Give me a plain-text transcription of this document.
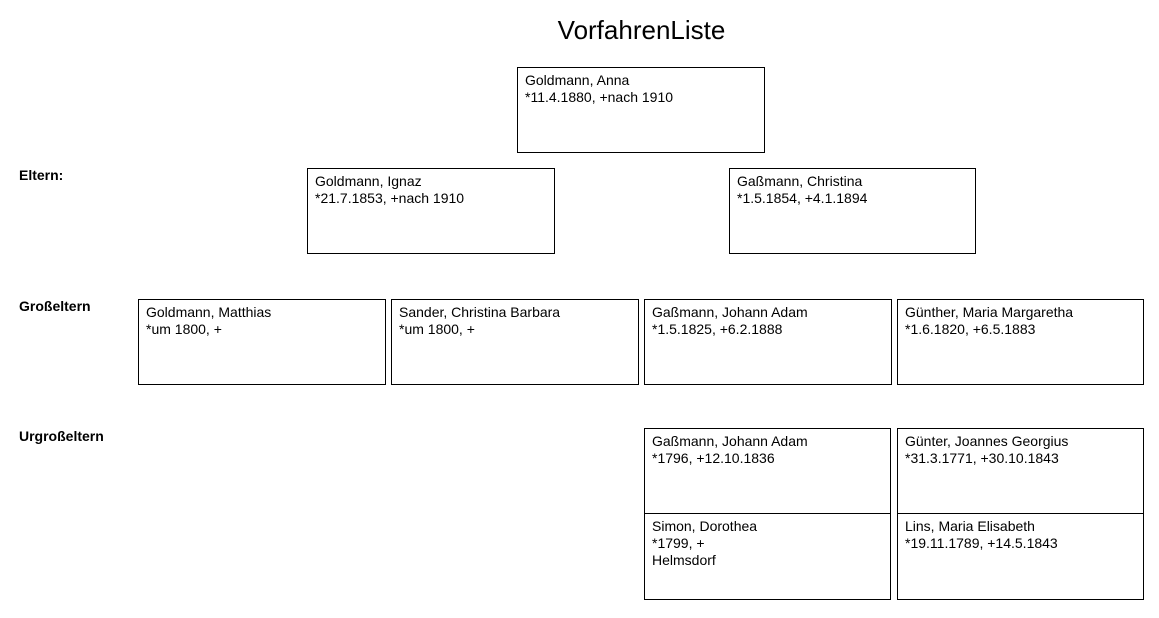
VorfahrenListe
Eltern:
Großeltern
Urgroßeltern
Goldmann, Anna
*11.4.1880, +nach 1910
Goldmann, Ignaz
*21.7.1853, +nach 1910
Gaßmann, Christina
*1.5.1854, +4.1.1894
Goldmann, Matthias
*um 1800, +
Sander, Christina Barbara
*um 1800, +
Gaßmann, Johann Adam
*1.5.1825, +6.2.1888
Günther, Maria Margaretha
*1.6.1820, +6.5.1883
Gaßmann, Johann Adam
*1796, +12.10.1836
Günter, Joannes Georgius
*31.3.1771, +30.10.1843
Simon, Dorothea
*1799, +
Helmsdorf
Lins, Maria Elisabeth
*19.11.1789, +14.5.1843
